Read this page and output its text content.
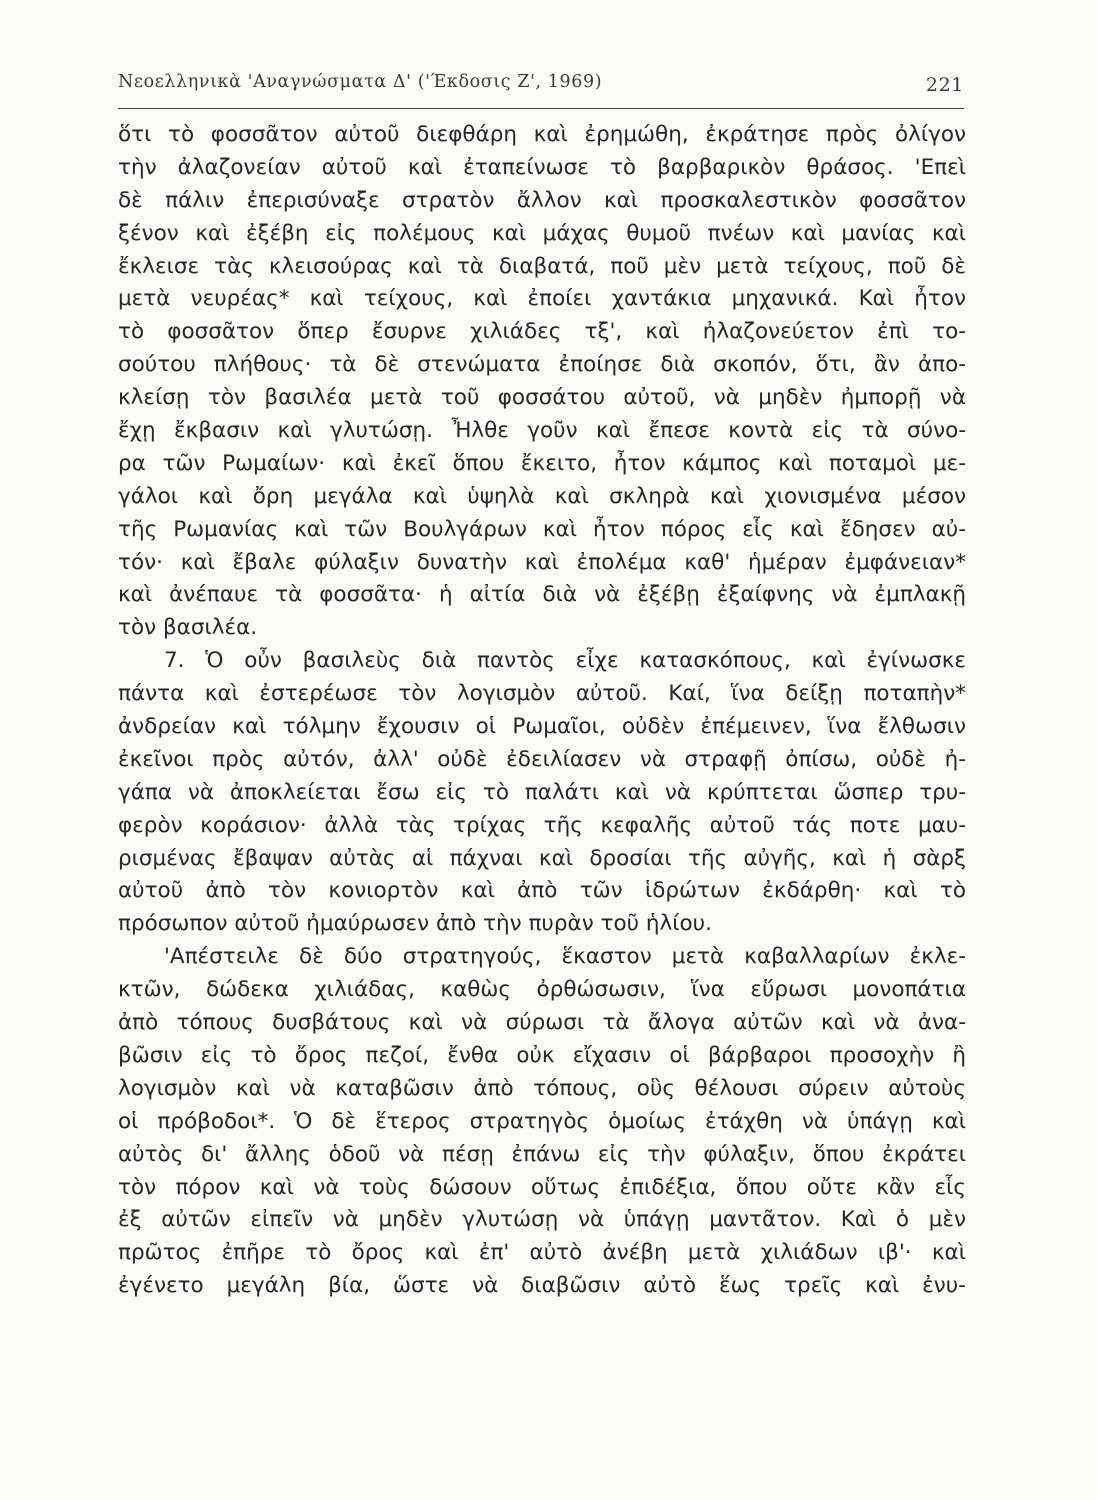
Νεοελληνικὰ 'Αναγνώσματα Δ' ('Έκδοσις Ζ', 1969)	221
ὅτι τὸ φοσσᾶτον αὐτοῦ διεφθάρη καὶ ἐρημώθη, ἐκράτησε πρὸς ὀλίγον
τὴν ἀλαζονείαν αὐτοῦ καὶ ἐταπείνωσε τὸ βαρβαρικὸν θράσος. 'Επεὶ
δὲ πάλιν ἐπερισύναξε στρατὸν ἄλλον καὶ προσκαλεστικὸν φοσσᾶτον
ξένον καὶ ἐξέβη εἰς πολέμους καὶ μάχας θυμοῦ πνέων καὶ μανίας καὶ
ἔκλεισε τὰς κλεισούρας καὶ τὰ διαβατά, ποῦ μὲν μετὰ τείχους, ποῦ δὲ
μετὰ νευρέας* καὶ τείχους, καὶ ἐποίει χαντάκια μηχανικά. Καὶ ἦτον
τὸ φοσσᾶτον ὅπερ ἔσυρνε χιλιάδες τξ', καὶ ἠλαζονεύετον ἐπὶ το-
σούτου πλήθους· τὰ δὲ στενώματα ἐποίησε διὰ σκοπόν, ὅτι, ἂν ἀπο-
κλείσῃ τὸν βασιλέα μετὰ τοῦ φοσσάτου αὐτοῦ, νὰ μηδὲν ἠμπορῇ νὰ
ἔχῃ ἔκβασιν καὶ γλυτώσῃ. Ἦλθε γοῦν καὶ ἔπεσε κοντὰ εἰς τὰ σύνο-
ρα τῶν Ρωμαίων· καὶ ἐκεῖ ὅπου ἔκειτο, ἦτον κάμπος καὶ ποταμοὶ με-
γάλοι καὶ ὄρη μεγάλα καὶ ὑψηλὰ καὶ σκληρὰ καὶ χιονισμένα μέσον
τῆς Ρωμανίας καὶ τῶν Βουλγάρων καὶ ἦτον πόρος εἷς καὶ ἔδησεν αὐ-
τόν· καὶ ἔβαλε φύλαξιν δυνατὴν καὶ ἐπολέμα καθ' ἡμέραν ἐμφάνειαν*
καὶ ἀνέπαυε τὰ φοσσᾶτα· ἡ αἰτία διὰ νὰ ἐξέβῃ ἐξαίφνης νὰ ἐμπλακῇ
τὸν βασιλέα.
7. Ὁ οὖν βασιλεὺς διὰ παντὸς εἶχε κατασκόπους, καὶ ἐγίνωσκε
πάντα καὶ ἐστερέωσε τὸν λογισμὸν αὐτοῦ. Καί, ἵνα δείξῃ ποταπὴν*
ἀνδρείαν καὶ τόλμην ἔχουσιν οἱ Ρωμαῖοι, οὐδὲν ἐπέμεινεν, ἵνα ἔλθωσιν
ἐκεῖνοι πρὸς αὐτόν, ἀλλ' οὐδὲ ἐδειλίασεν νὰ στραφῇ ὀπίσω, οὐδὲ ἠ-
γάπα νὰ ἀποκλείεται ἔσω εἰς τὸ παλάτι καὶ νὰ κρύπτεται ὥσπερ τρυ-
φερὸν κοράσιον· ἀλλὰ τὰς τρίχας τῆς κεφαλῆς αὐτοῦ τάς ποτε μαυ-
ρισμένας ἔβαψαν αὐτὰς αἱ πάχναι καὶ δροσίαι τῆς αὐγῆς, καὶ ἡ σὰρξ
αὐτοῦ ἀπὸ τὸν κονιορτὸν καὶ ἀπὸ τῶν ἱδρώτων ἐκδάρθη· καὶ τὸ
πρόσωπον αὐτοῦ ἠμαύρωσεν ἀπὸ τὴν πυρὰν τοῦ ἡλίου.
'Απέστειλε δὲ δύο στρατηγούς, ἕκαστον μετὰ καβαλλαρίων ἐκλε-
κτῶν, δώδεκα χιλιάδας, καθὼς ὀρθώσωσιν, ἵνα εὕρωσι μονοπάτια
ἀπὸ τόπους δυσβάτους καὶ νὰ σύρωσι τὰ ἄλογα αὐτῶν καὶ νὰ ἀνα-
βῶσιν εἰς τὸ ὄρος πεζοί, ἔνθα οὐκ εἴχασιν οἱ βάρβαροι προσοχὴν ἢ
λογισμὸν καὶ νὰ καταβῶσιν ἀπὸ τόπους, οὓς θέλουσι σύρειν αὐτοὺς
οἱ πρόβοδοι*. Ὁ δὲ ἕτερος στρατηγὸς ὁμοίως ἐτάχθη νὰ ὑπάγῃ καὶ
αὐτὸς δι' ἄλλης ὁδοῦ νὰ πέσῃ ἐπάνω εἰς τὴν φύλαξιν, ὅπου ἐκράτει
τὸν πόρον καὶ νὰ τοὺς δώσουν οὕτως ἐπιδέξια, ὅπου οὔτε κἂν εἷς
ἐξ αὐτῶν εἰπεῖν νὰ μηδὲν γλυτώσῃ νὰ ὑπάγῃ μαντᾶτον. Καὶ ὁ μὲν
πρῶτος ἐπῆρε τὸ ὄρος καὶ ἐπ' αὐτὸ ἀνέβη μετὰ χιλιάδων ιβ'· καὶ
ἐγένετο μεγάλη βία, ὥστε νὰ διαβῶσιν αὐτὸ ἕως τρεῖς καὶ ἐνυ-
